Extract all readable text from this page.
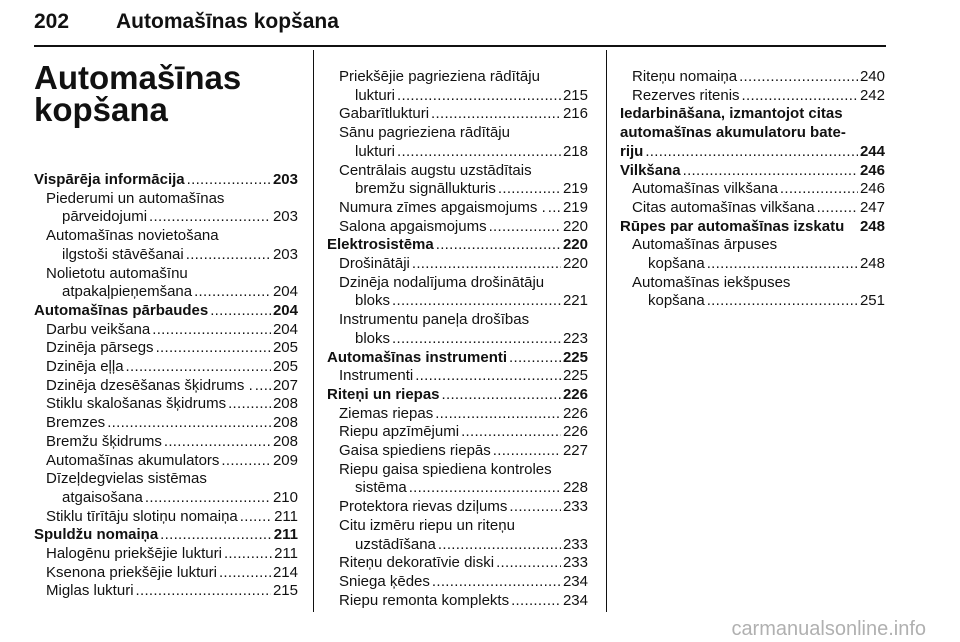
202 Automašīnas kopšana
Automašīnas kopšana
Vispārēja informācija .....	203
Piederumi un automašīnas
pārveidojumi .....	203
Automašīnas novietošana
ilgstoši stāvēšanai .....	203
Nolietotu automašīnu
atpakaļpieņemšana .....	204
Automašīnas pārbaudes .....	204
Darbu veikšana .....	204
Dzinēja pārsegs .....	205
Dzinēja eļļa .....	205
Dzinēja dzesēšanas šķidrums . ..... 207
Stiklu skalošanas šķidrums .....	208
Bremzes .....	208
Bremžu šķidrums .....	208
Automašīnas akumulators .....	209
Dīzeļdegvielas sistēmas
atgaisošana .....	210
Stiklu tīrītāju slotiņu nomaiņa ..... 211
Spuldžu nomaiņa .....	211
Halogēnu priekšējie lukturi .....	211
Ksenona priekšējie lukturi .....	214
Miglas lukturi .....	215
Priekšējie pagrieziena rādītāju
lukturi .....	215
Gabarītlukturi .....	216
Sānu pagrieziena rādītāju
lukturi .....	218
Centrālais augstu uzstādītais
bremžu signāllukturis .....	219
Numura zīmes apgaismojums . ..... 219
Salona apgaismojums .....	220
Elektrosistēma .....	220
Drošinātāji .....	220
Dzinēja nodalījuma drošinātāju
bloks .....	221
Instrumentu paneļa drošības
bloks .....	223
Automašīnas instrumenti .....	225
Instrumenti .....	225
Riteņi un riepas .....	226
Ziemas riepas .....	226
Riepu apzīmējumi .....	226
Gaisa spiediens riepās .....	227
Riepu gaisa spiediena kontroles
sistēma .....	228
Protektora rievas dziļums .....	233
Citu izmēru riepu un riteņu
uzstādīšana .....	233
Riteņu dekoratīvie diski .....	233
Sniega ķēdes .....	234
Riepu remonta komplekts .....	234
Riteņu nomaiņa .....	240
Rezerves ritenis .....	242
Iedarbināšana, izmantojot citas
automašīnas akumulatoru bate-
riju .....	244
Vilkšana .....	246
Automašīnas vilkšana .....	246
Citas automašīnas vilkšana .....	247
Rūpes par automašīnas izskatu 248
Automašīnas ārpuses
kopšana .....	248
Automašīnas iekšpuses
kopšana .....	251
carmanualsonline.info
